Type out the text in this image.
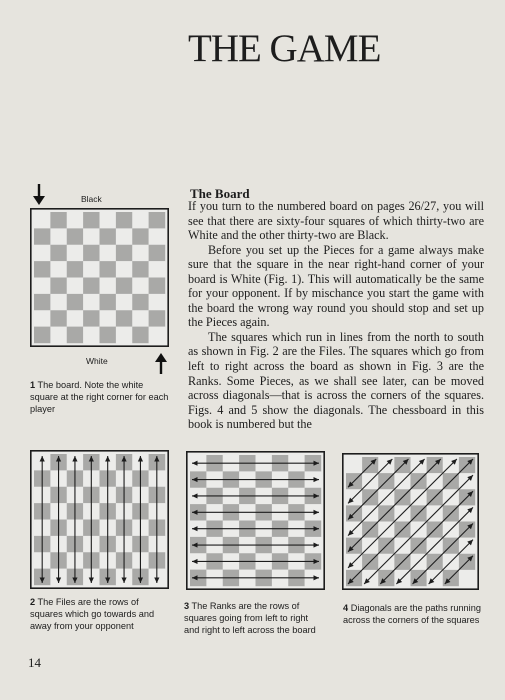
THE GAME
The Board

If you turn to the numbered board on pages 26/27, you will see that there are sixty-four squares of which thirty-two are White and the other thirty-two are Black.

Before you set up the Pieces for a game always make sure that the square in the near right-hand corner of your board is White (Fig. 1). This will automatically be the same for your opponent. If by mischance you start the game with the board the wrong way round you should stop and set up the Pieces again.

The squares which run in lines from the north to south as shown in Fig. 2 are the Files. The squares which go from left to right across the board as shown in Fig. 3 are the Ranks. Some Pieces, as we shall see later, can be moved across diagonals—that is across the corners of the squares. Figs. 4 and 5 show the diagonals. The chessboard in this book is numbered but the

Black
White
1 The board. Note the white square at the right corner for each player
2 The Files are the rows of squares which go towards and away from your opponent
3 The Ranks are the rows of squares going from left to right and right to left across the board
4 Diagonals are the paths running across the corners of the squares
14
